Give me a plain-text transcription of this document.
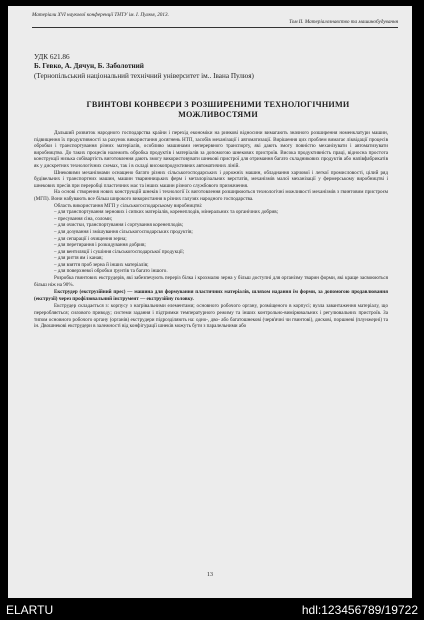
Матеріали XVІ наукової конференції ТНТУ ім. І. Пулюя, 2013.
Том ІІ. Матеріалознавство та машинобудування
УДК 621.86
Б. Гевко, А. Дячун, Б. Заболотний
(Тернопільський національний технічний університет ім.. Івана Пулюя)
ГВИНТОВІ КОНВЕЄРИ З РОЗШИРЕНИМИ ТЕХНОЛОГІЧНИМИ МОЖЛИВОСТЯМИ

Дальший розвиток народного господарства країни і перехід економіки на ринкові відносини вимагають значного розширення номенклатури машин, підвищення їх продуктивності за рахунок використання досягнень НТП, засобів механізації і автоматизації. Вирішення цих проблем вимагає ліквідації процесів обробки і транспортування різних матеріалів, особливо машинами неперервного транспорту, які дають змогу повністю механізувати і автоматизувати виробництво. До таких процесів належить обробка продуктів і матеріалів за допомогою шнекових пристроїв. Висока продуктивність праці, відносна простота конструкції низька собівартість виготовлення дають змогу використовувати шнекові пристрої для отримання багато складникових продуктів або напівфабрикатів як у дискретних технологічних схемах, так і в складі високопродуктивних автоматичних ліній.

Шнековими механізмами оснащено багато різних сільськогосподарських і дорожніх машин, обладнання харчової і легкої промисловості, цілий ряд будівельних і транспортних машин, машин тваринницьких ферм і металорізальних верстатів, механізмів малої механізації у фермерському виробництві і шнекових пресів при переробці пластичних мас та інших машин різного службового призначення.

На основі створення нових конструкцій шнеків і технології їх виготовлення розширюються технологічні можливості механізмів з гвинтовим пристроєм (МГП). Вони набувають все більш широкого використання в різних галузях народного господарства.

Область використання МГП у сільськогосподарському виробництві:

– для транспортування зернових і сипких матеріалів, коренеплодів, мінеральних та органічних добрив;

– пресування сіна, соломи;

– для очистки, транспортування і сортування коренеплодів;

– для дозування і змішування сільськогосподарських продуктів;

– для сепарації і очищення зерна;

– для перетирання і розкидування добрив;

– для вентиляції і сушіння сільськогосподарської продукції;

– для риття ям і канав;

– для взяття проб зерна й інших матеріалів;

– для поверхневої обробки ґрунтів та багато іншого.

Розробка гвинтових екструдерів, які забезпечують переріз білка і крохмалю зерна у більш доступні для організму тварин форми, які краще засвоюються більш ніж на 90%.

Екструдер (екструзійний прес) — машина для формування пластичних матеріалів, шляхом надання їм форми, за допомогою продавлювання (екструзії) через профілювальний інструмент — екструзійну головку.

Екструдер складається з: корпусу з нагрівальними елементами; основного робочого органу, розміщеного в корпусі; вузла завантаження матеріалу, що переробляється; силового приводу; системи задання і підтримки температурного режиму та інших контрольно-вимірювальних і регулювальних пристроїв. За типом основного робочого органу (органів) екструдери підрозділяють на: одно-, дво- або багатошнекові (черв'ячні чи гвинтові), дискові, поршневі (плунжерні) та ін. Двошнекові екструдери в залежності від конфігурації шнеків можуть бути з паралельними або

13
ELARTU	hdl:123456789/19722
